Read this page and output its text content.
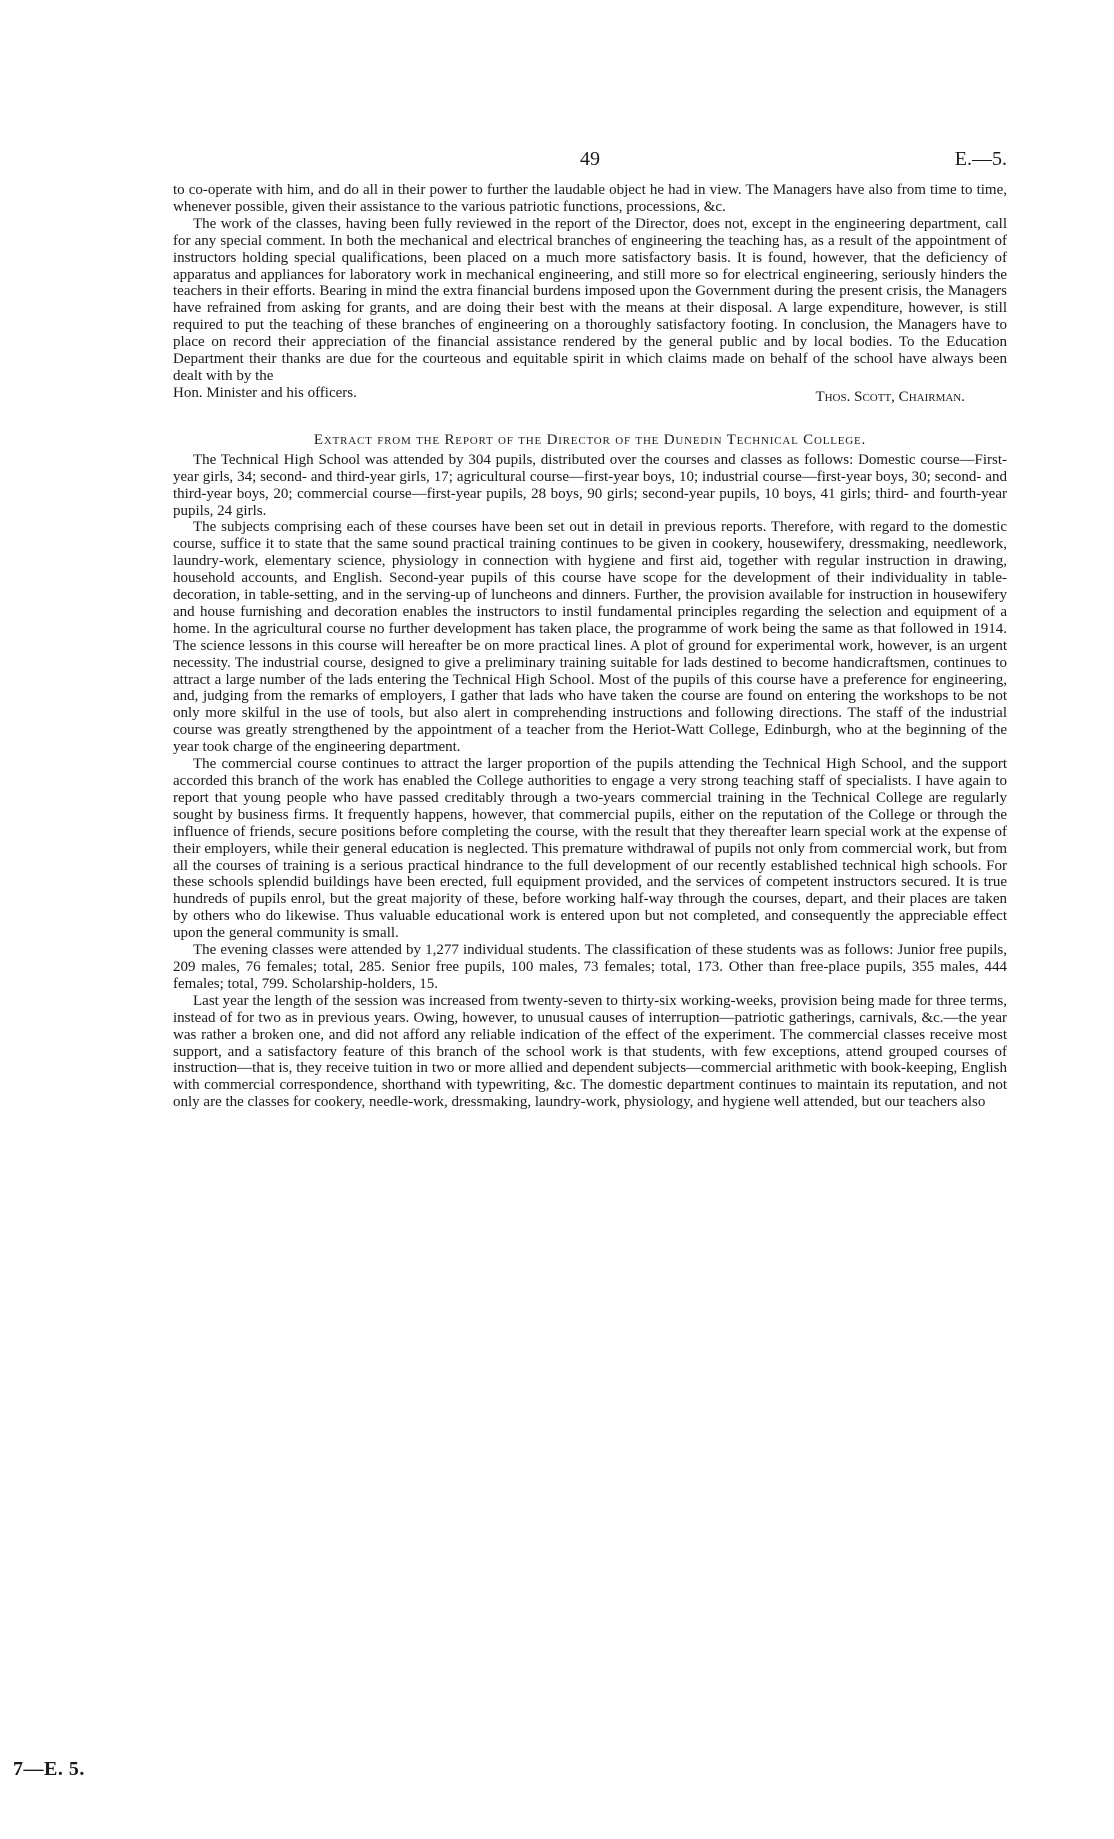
49	E.—5.

to co-operate with him, and do all in their power to further the laudable object he had in view. The Managers have also from time to time, whenever possible, given their assistance to the various patriotic functions, processions, &c.

The work of the classes, having been fully reviewed in the report of the Director, does not, except in the engineering department, call for any special comment. In both the mechanical and electrical branches of engineering the teaching has, as a result of the appointment of instructors holding special qualifications, been placed on a much more satisfactory basis. It is found, however, that the deficiency of apparatus and appliances for laboratory work in mechanical engineering, and still more so for electrical engineering, seriously hinders the teachers in their efforts. Bearing in mind the extra financial burdens imposed upon the Government during the present crisis, the Managers have refrained from asking for grants, and are doing their best with the means at their disposal. A large expenditure, however, is still required to put the teaching of these branches of engineering on a thoroughly satisfactory footing. In conclusion, the Managers have to place on record their appreciation of the financial assistance rendered by the general public and by local bodies. To the Education Department their thanks are due for the courteous and equitable spirit in which claims made on behalf of the school have always been dealt with by the

Hon. Minister and his officers.	Thos. Scott, Chairman.
Extract from the Report of the Director of the Dunedin Technical College.

The Technical High School was attended by 304 pupils, distributed over the courses and classes as follows: Domestic course—First-year girls, 34; second- and third-year girls, 17; agricultural course—first-year boys, 10; industrial course—first-year boys, 30; second- and third-year boys, 20; commercial course—first-year pupils, 28 boys, 90 girls; second-year pupils, 10 boys, 41 girls; third- and fourth-year pupils, 24 girls.

The subjects comprising each of these courses have been set out in detail in previous reports. Therefore, with regard to the domestic course, suffice it to state that the same sound practical training continues to be given in cookery, housewifery, dressmaking, needlework, laundry-work, elementary science, physiology in connection with hygiene and first aid, together with regular instruction in drawing, household accounts, and English. Second-year pupils of this course have scope for the development of their individuality in table-decoration, in table-setting, and in the serving-up of luncheons and dinners. Further, the provision available for instruction in housewifery and house furnishing and decoration enables the instructors to instil fundamental principles regarding the selection and equipment of a home. In the agricultural course no further development has taken place, the programme of work being the same as that followed in 1914. The science lessons in this course will hereafter be on more practical lines. A plot of ground for experimental work, however, is an urgent necessity. The industrial course, designed to give a preliminary training suitable for lads destined to become handicraftsmen, continues to attract a large number of the lads entering the Technical High School. Most of the pupils of this course have a preference for engineering, and, judging from the remarks of employers, I gather that lads who have taken the course are found on entering the workshops to be not only more skilful in the use of tools, but also alert in comprehending instructions and following directions. The staff of the industrial course was greatly strengthened by the appointment of a teacher from the Heriot-Watt College, Edinburgh, who at the beginning of the year took charge of the engineering department.

The commercial course continues to attract the larger proportion of the pupils attending the Technical High School, and the support accorded this branch of the work has enabled the College authorities to engage a very strong teaching staff of specialists. I have again to report that young people who have passed creditably through a two-years commercial training in the Technical College are regularly sought by business firms. It frequently happens, however, that commercial pupils, either on the reputation of the College or through the influence of friends, secure positions before completing the course, with the result that they thereafter learn special work at the expense of their employers, while their general education is neglected. This premature withdrawal of pupils not only from commercial work, but from all the courses of training is a serious practical hindrance to the full development of our recently established technical high schools. For these schools splendid buildings have been erected, full equipment provided, and the services of competent instructors secured. It is true hundreds of pupils enrol, but the great majority of these, before working half-way through the courses, depart, and their places are taken by others who do likewise. Thus valuable educational work is entered upon but not completed, and consequently the appreciable effect upon the general community is small.

The evening classes were attended by 1,277 individual students. The classification of these students was as follows: Junior free pupils, 209 males, 76 females; total, 285. Senior free pupils, 100 males, 73 females; total, 173. Other than free-place pupils, 355 males, 444 females; total, 799. Scholarship-holders, 15.

Last year the length of the session was increased from twenty-seven to thirty-six working-weeks, provision being made for three terms, instead of for two as in previous years. Owing, however, to unusual causes of interruption—patriotic gatherings, carnivals, &c.—the year was rather a broken one, and did not afford any reliable indication of the effect of the experiment. The commercial classes receive most support, and a satisfactory feature of this branch of the school work is that students, with few exceptions, attend grouped courses of instruction—that is, they receive tuition in two or more allied and dependent subjects—commercial arithmetic with book-keeping, English with commercial correspondence, shorthand with typewriting, &c. The domestic department continues to maintain its reputation, and not only are the classes for cookery, needle-work, dressmaking, laundry-work, physiology, and hygiene well attended, but our teachers also

7—E. 5.
